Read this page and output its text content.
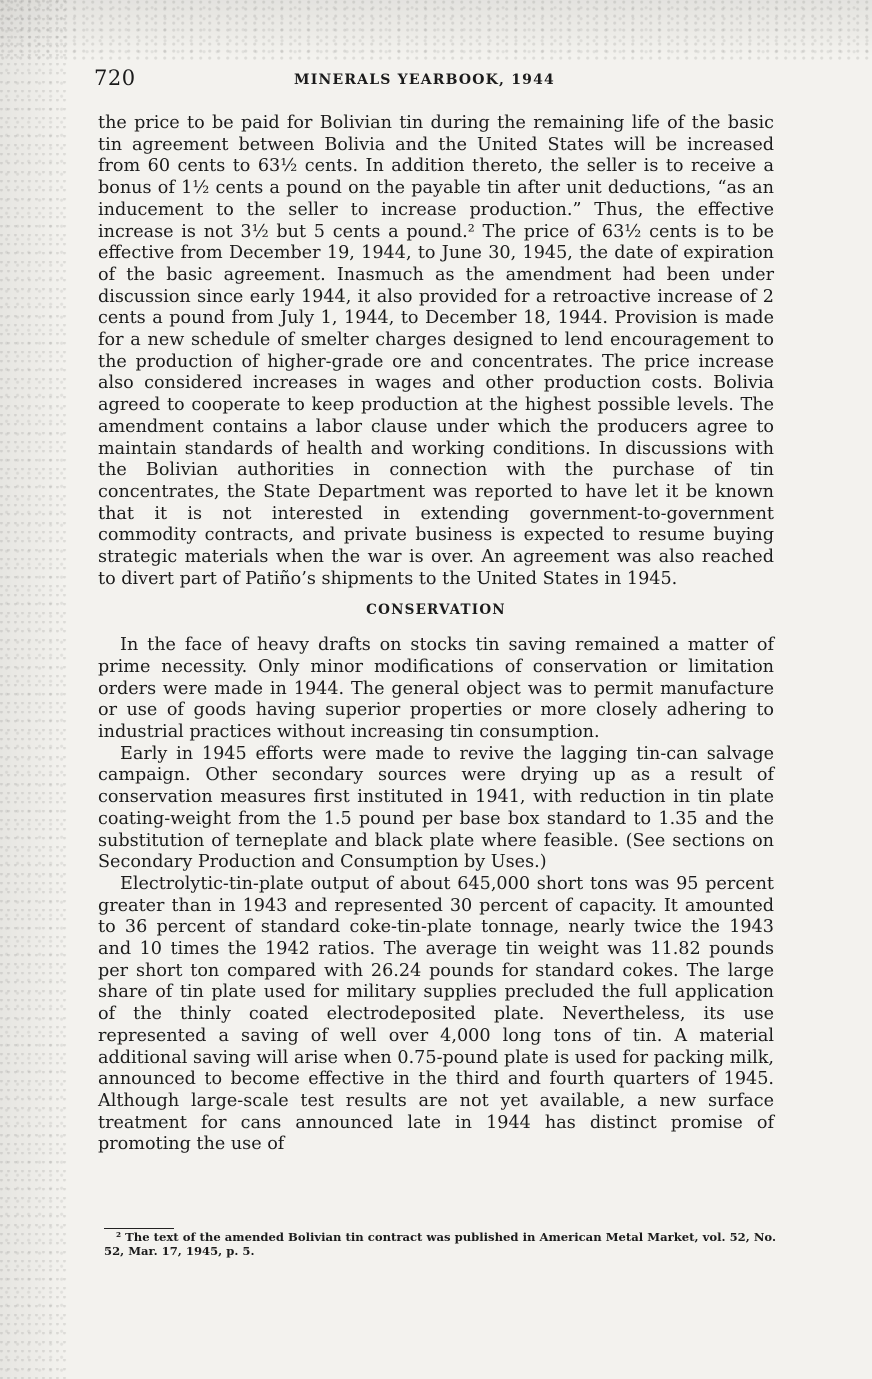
720	MINERALS YEARBOOK, 1944

the price to be paid for Bolivian tin during the remaining life of the basic tin agreement between Bolivia and the United States will be increased from 60 cents to 63½ cents. In addition thereto, the seller is to receive a bonus of 1½ cents a pound on the payable tin after unit deductions, “as an inducement to the seller to increase production.” Thus, the effective increase is not 3½ but 5 cents a pound.² The price of 63½ cents is to be effective from December 19, 1944, to June 30, 1945, the date of expiration of the basic agreement. Inasmuch as the amendment had been under discussion since early 1944, it also provided for a retroactive increase of 2 cents a pound from July 1, 1944, to December 18, 1944. Provision is made for a new schedule of smelter charges designed to lend encouragement to the production of higher-grade ore and concentrates. The price increase also considered increases in wages and other production costs. Bolivia agreed to cooperate to keep production at the highest possible levels. The amendment contains a labor clause under which the producers agree to maintain standards of health and working conditions. In discussions with the Bolivian authorities in connection with the purchase of tin concentrates, the State Department was reported to have let it be known that it is not interested in extending government-to-government commodity contracts, and private business is expected to resume buying strategic materials when the war is over. An agreement was also reached to divert part of Patiño’s shipments to the United States in 1945.

CONSERVATION

In the face of heavy drafts on stocks tin saving remained a matter of prime necessity. Only minor modifications of conservation or limitation orders were made in 1944. The general object was to permit manufacture or use of goods having superior properties or more closely adhering to industrial practices without increasing tin consumption.

Early in 1945 efforts were made to revive the lagging tin-can salvage campaign. Other secondary sources were drying up as a result of conservation measures first instituted in 1941, with reduction in tin plate coating-weight from the 1.5 pound per base box standard to 1.35 and the substitution of terneplate and black plate where feasible. (See sections on Secondary Production and Consumption by Uses.)

Electrolytic-tin-plate output of about 645,000 short tons was 95 percent greater than in 1943 and represented 30 percent of capacity. It amounted to 36 percent of standard coke-tin-plate tonnage, nearly twice the 1943 and 10 times the 1942 ratios. The average tin weight was 11.82 pounds per short ton compared with 26.24 pounds for standard cokes. The large share of tin plate used for military supplies precluded the full application of the thinly coated electrodeposited plate. Nevertheless, its use represented a saving of well over 4,000 long tons of tin. A material additional saving will arise when 0.75-pound plate is used for packing milk, announced to become effective in the third and fourth quarters of 1945. Although large-scale test results are not yet available, a new surface treatment for cans announced late in 1944 has distinct promise of promoting the use of

² The text of the amended Bolivian tin contract was published in American Metal Market, vol. 52, No. 52, Mar. 17, 1945, p. 5.
